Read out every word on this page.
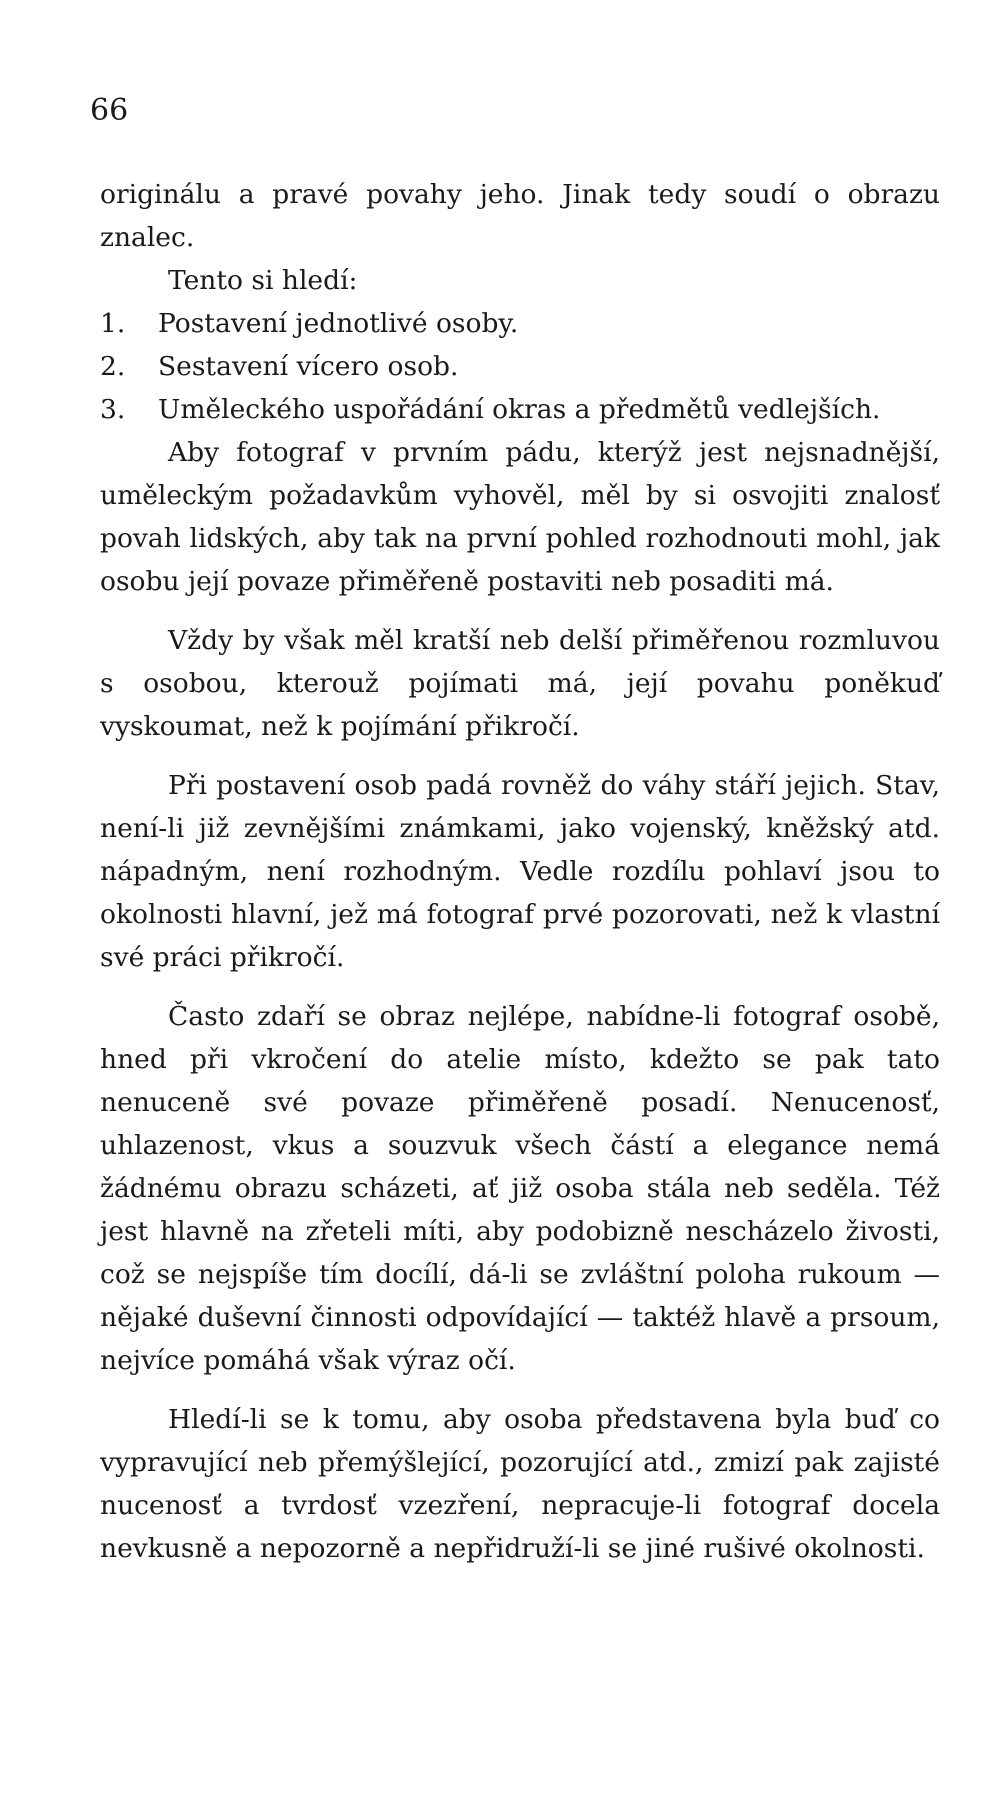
66

originálu a pravé povahy jeho. Jinak tedy soudí o obrazu znalec.

Tento si hledí:

1.	Postavení jednotlivé osoby.
2.	Sestavení vícero osob.
3.	Uměleckého uspořádání okras a předmětů vedlejších.

Aby fotograf v prvním pádu, kterýž jest nejsnadnější, uměleckým požadavkům vyhověl, měl by si osvojiti znalosť povah lidských, aby tak na první pohled rozhodnouti mohl, jak osobu její povaze přiměřeně postaviti neb posaditi má.

Vždy by však měl kratší neb delší přiměřenou rozmluvou s osobou, kterouž pojímati má, její povahu poněkuď vyskoumat, než k pojímání přikročí.

Při postavení osob padá rovněž do váhy stáří jejich. Stav, není-li již zevnějšími známkami, jako vojenský, kněžský atd. nápadným, není rozhodným. Vedle rozdílu pohlaví jsou to okolnosti hlavní, jež má fotograf prvé pozorovati, než k vlastní své práci přikročí.

Často zdaří se obraz nejlépe, nabídne-li fotograf osobě, hned při vkročení do atelie místo, kdežto se pak tato nenuceně své povaze přiměřeně posadí. Nenucenosť, uhlazenost, vkus a souzvuk všech částí a elegance nemá žádnému obrazu scházeti, ať již osoba stála neb seděla. Též jest hlavně na zřeteli míti, aby podobizně nescházelo živosti, což se nejspíše tím docílí, dá-li se zvláštní poloha rukoum — nějaké duševní činnosti odpovídající — taktéž hlavě a prsoum, nejvíce pomáhá však výraz očí.

Hledí-li se k tomu, aby osoba představena byla buď co vypravující neb přemýšlející, pozorující atd., zmizí pak zajisté nucenosť a tvrdosť vzezření, nepracuje-li fotograf docela nevkusně a nepozorně a nepřidruží-li se jiné rušivé okolnosti.
